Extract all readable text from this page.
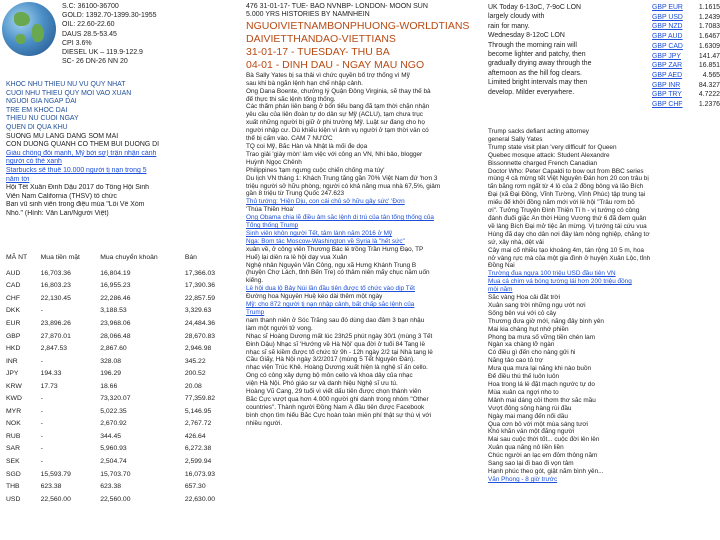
S.C: 36100-36700
GOLD: 1392.70-1399.30-1955
OIL: 22.60-22.60
DAUS 28.5-53.45
CPI 3.6%
DIESEL UK – 119.9-122.9
SC- 26 DN-26 NN 20
KHOC NHU THIEU NU VU QUY NHAT
CUOI NHU THIEU QUY MOI VAO XUAN
NGUOI GIA NGAP DAI
TRE EM KHOC DAI
THIEU NU CUOI NGAY
QUEN DI QUA KHU
SUONG MU LANG DANG SOM MAI
CON DUONG QUANH CO THEM BUI DUONG DI
Giàu chồng đổi mạnh, Mỹ bởi sợ) trận nhận cánh
người có thẻ xanh
Starbucks sẽ thuê 10.000 người tị nạn trong 5
năm tới
Hội Tết Xuân Đinh Dậu 2017 do Tổng Hội Sinh
Viên Nam California (THSV) tổ chức
Ban vũ sinh viên trong điệu múa "Lối Về Xóm
Nhỏ." (Hình: Văn Lan/Người Việt)
MÃ NT	Mua tiền mặt	Mua chuyển khoản	Bán
AUD	16,703.36	16,804.19	17,366.03
CAD	16,803.23	16,955.23	17,390.36
CHF	22,130.45	22,286.46	22,857.59
DKK	-	3,188.53	3,329.63
EUR	23,896.26	23,968.06	24,484.36
GBP	27,870.01	28,066.48	28,670.83
HKD	2,847.53	2,867.60	2,946.98
INR	-	328.08	345.22
JPY	194.33	196.29	200.52
KRW	17.73	18.66	20.08
KWD	-	73,320.07	77,359.82
MYR	-	5,022.35	5,146.95
NOK	-	2,670.92	2,767.72
RUB	-	344.45	426.64
SAR	-	5,960.93	6,272.38
SEK	-	2,504.74	2,599.94
SGD	15,593.79	15,703.70	16,073.93
THB	623.38	623.38	657.30
USD	22,560.00	22,560.00	22,630.00
476 31-01-17- TUE- BAO NVNBP- LONDON- MOON SUN
5.000 YRS HISTORIES BY NAMNHEIN
NGUOIVIETNAMBONPHUONG-WORLDTIANS
DAIVIETTHANDAO-VIETTIANS
31-01-17 - TUESDAY- THU BA
04-01 - DINH DAU - NGAY MAU NGO
Bà Sally Yates bị sa thải vì chức quyền bổ trợ thống vì Mỹ
sau khi bà ngăn lệnh hạn chế nhập cảnh.
Ông Dana Boente, chưởng lý Quận Đông Virginia, sẽ thay thế bà
để thực thi sắc lệnh tổng thống.
Các thẩm phán liên bang ở bốn tiểu bang đã tạm thời chặn nhận
yêu cầu của liên đoàn tự do dân sự Mỹ (ACLU), tạm chưa trục
xuất những người bị giữ ở phi trường Mỹ. Luật sư đang cho họ
người nhập cư. Dù khiếu kiện vì ảnh vụ người ở tạm thời vẫn có
thể bị cấm vào. CAM 7 NƯỚC
TQ coi Mỹ, Bắc Hàn và Nhật là mối đe dọa
Trao giải 'giày mòn' làm việc với công an VN, Nhi bảo, blogger
Huỳnh Ngọc Chênh
Philippines 'tạm ngưng cuộc chiến chống ma túy'
Du lịch VN tháng 1: Khách Trung tăng gần 70% Việt Nam đứ 'hơn 3
triệu người sở hữu phòng, người có khả năng mua nhà 67,5%, giảm
gần 8 triệu từ Trung Quốc 247.623
Thủ tướng: 'Hiện Dịu, con cái chủ sở hữu gây sức' 'Đơn
'Thúa Thiền Hoa'
Ông Obama chia lẽ điều ảm sắc lệnh di trú của tân tổng thống của
Tổng thống Trump
Sinh viên khôn người Tết, tâm lành năm 2016 ở Mỹ
Nga: Bom tác Moscow-Washington về Syria là "hết sức"
xuân về, ở công viên Thương Bác lễ trồng Trần Hưng Đạo, TP
Huế) lại diễn ra lễ hội dạy vua Xuân
Nghệ nhân Nguyễn Văn Công, ngụ xã Hưng Khánh Trung B
(huyện Chợ Lách, tỉnh Bến Tre) có thâm niên mấy chục năm uốn
kiểng.
Lễ hội dua lộ Bảy Núi lần đầu tiên được tổ chức vào dịp Tết
Đường hoa Nguyễn Huệ kéo dài thêm một ngày
Mỹ: cho 872 người tị nạn nhập cảnh, bất chấp sắc lệnh của
Trump
nam thanh niên ở Sóc Trăng sau đó dùng dao đâm 3 bạn nhậu
làm một người tử vong.
Nhạc sĩ Hoàng Dương mất lúc 23h25 phút ngày 30/1 (mùng 3 Tết
Đinh Dậu) Nhạc sĩ 'Hướng về Hà Nội' qua đời ở tuổi 84 Tang lễ
nhạc sĩ sẽ kiềm được tổ chức từ 9h - 12h ngày 2/2 tại Nhà tang lễ
Cầu Giấy, Hà Nội ngày 3/2/2017 (mùng 5 Tết Nguyên Đán).
nhạc viện Trúc Khê. Hoàng Dương xuất hiện là nghệ sĩ ấn cello.
Ông có công xây dựng bộ môn cello và khoa dây của nhạc
viện Hà Nội. Phó giáo sư và danh hiệu Nghệ sĩ ưu tú.
Hoàng Vũ Cang, 29 tuổi vì viết dấu tiên được chọn thành viên
Bắc Cực vượt qua hơn 4.000 người ghi danh trong nhóm "Other
countries". Thành người Đồng Nam Á đầu tiên được Facebook
bình chọn tìm hiểu Bắc Cực hoàn toàn miễn phí thật sự thú vị với
nhiều người.
UK Today 6-13oC, 7-9oC LON
largely cloudy with
rain for many.
Wednesday 8-12oC LON
Through the morning rain will
become lighter and patchy, then
gradually drying away through the
afternoon as the hill fog clears.
Limited bright intervals may then
develop. Milder everywhere.
GBP EUR 1.1615
GBP USD 1.2439
GBP NZD 1.7083
GBP AUD 1.6467
GBP CAD 1.6309
GBP JPY	141.47
GBP ZAR 16.851
GBP AED	4.565
GBP INR	84.327
GBP TRY 4.7222
GBP CHF 1.2376
Trump sacks defiant acting attorney
general Sally Yates
Trump state visit plan 'very difficult' for Queen
Quebec mosque attack: Student Alexandre
Bissonnette charged French Canadian
Doctor Who: Peter Capaldi to bow out from BBC series
mùng 4 cả mừng tết Việt Nguyên Đán hơn 20 con trâu bị
tấn băng rơm ngất từ 4 lỗ của 2 đồng bông và lão Bích
Đại (xã Đại Đồng, Vĩnh Tường, Vĩnh Phúc) tập trung tại
miếu để khởi đồng năm mới với lễ hội "Trâu rơm bỏ
ơi". Tưởng Truyện Đình Thiện Tí h - vị tướng có công
đánh đuổi giặc Ân thời Hùng Vương thứ 6 đã đem quân
về làng Bích Đại mở tiệc ăn mừng. Vị tướng tái cứu vua
Hùng đã dạy cho dân nơi đây làm nông nghiệp, chăng tơ
sứ, xây nhà, dệt vải
Cây mai cổ nhiều tạo khoảng 4m, tán rộng 10 5 m, hoa
nở vàng rực mà của một gia đình ở huyện Xuân Lộc, tỉnh
Đồng Nai
Trường đua ngựa 100 triệu USD đầu tiên VN
Mua cá chim vá bóng tường lái hơn 200 triệu đồng
mỗi năm
Sắc vàng Hoa cải đắt trời
Xuân sang trời những ngụ ướt nơi
Sống bên vui với cỏ cây
Thương đưa giờ mới, năng đây bình yên
Mai kia chàng hụt nhớ phiền
Phong ba mưa số vững tiền chén lam
Ngàn xa chàng lỡ ngàn
Có điều gì đến cho nàng gửi hi
Nắng tảo cao tỏ trợ
Mưa qua mưa lại nắng khi nào buồn
Để điều thú thế luôn luôn
Hoa trong lá lễ đặt mạch ngước tự do
Mùa xuân ca ngợi nho to
Mảnh mai dáng cỗi thơm thơ sắc mầu
Vượt đông sông hàng rùi đầu
Ngày mai mang đến nổi dầu
Qua cơn bỏ với một mùa sáng tươi
Khó khăn vẫn một đằng người
Mai sau cuộc thời tốt... cuộc đời lên lên
Xuân qua nắng nô liền liền
Chúc người an lạc em đỏm thông năm
Sang sao lại đi bao đi vọn tâm
Hạnh phúc theo gót, giật năm bình yên...
Văn Phong - 8 giờ trước
